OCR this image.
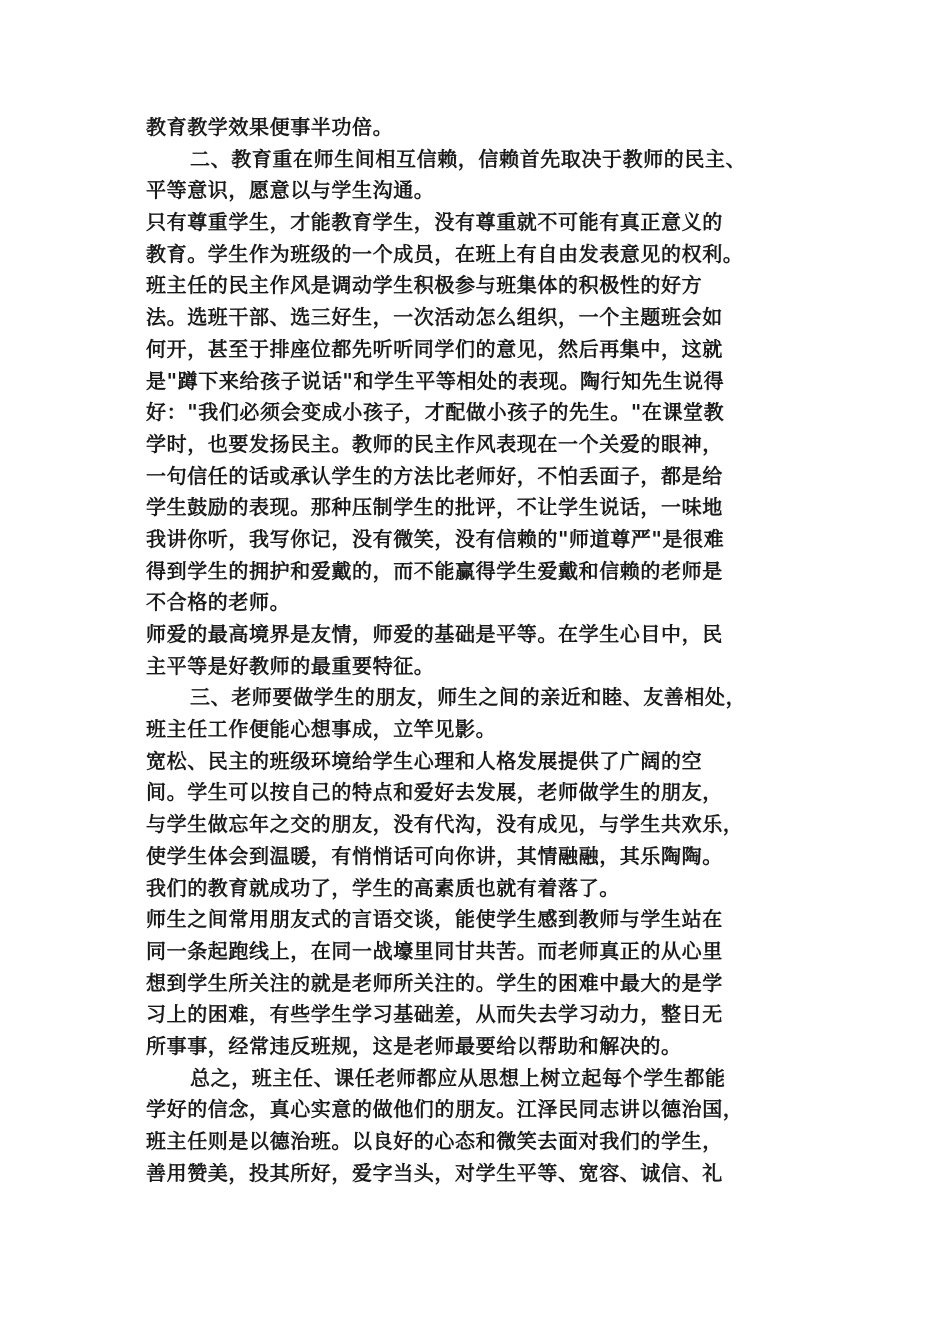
教育教学效果便事半功倍。
二、教育重在师生间相互信赖，信赖首先取决于教师的民主、
平等意识，愿意以与学生沟通。
只有尊重学生，才能教育学生，没有尊重就不可能有真正意义的
教育。学生作为班级的一个成员，在班上有自由发表意见的权利。
班主任的民主作风是调动学生积极参与班集体的积极性的好方
法。选班干部、选三好生，一次活动怎么组织，一个主题班会如
何开，甚至于排座位都先听听同学们的意见，然后再集中，这就
是"蹲下来给孩子说话"和学生平等相处的表现。陶行知先生说得
好："我们必须会变成小孩子，才配做小孩子的先生。"在课堂教
学时，也要发扬民主。教师的民主作风表现在一个关爱的眼神，
一句信任的话或承认学生的方法比老师好，不怕丢面子，都是给
学生鼓励的表现。那种压制学生的批评，不让学生说话，一味地
我讲你听，我写你记，没有微笑，没有信赖的"师道尊严"是很难
得到学生的拥护和爱戴的，而不能赢得学生爱戴和信赖的老师是
不合格的老师。
师爱的最高境界是友情，师爱的基础是平等。在学生心目中，民
主平等是好教师的最重要特征。
三、老师要做学生的朋友，师生之间的亲近和睦、友善相处，
班主任工作便能心想事成，立竿见影。
宽松、民主的班级环境给学生心理和人格发展提供了广阔的空
间。学生可以按自己的特点和爱好去发展，老师做学生的朋友，
与学生做忘年之交的朋友，没有代沟，没有成见，与学生共欢乐，
使学生体会到温暖，有悄悄话可向你讲，其情融融，其乐陶陶。
我们的教育就成功了，学生的高素质也就有着落了。
师生之间常用朋友式的言语交谈，能使学生感到教师与学生站在
同一条起跑线上，在同一战壕里同甘共苦。而老师真正的从心里
想到学生所关注的就是老师所关注的。学生的困难中最大的是学
习上的困难，有些学生学习基础差，从而失去学习动力，整日无
所事事，经常违反班规，这是老师最要给以帮助和解决的。
总之，班主任、课任老师都应从思想上树立起每个学生都能
学好的信念，真心实意的做他们的朋友。江泽民同志讲以德治国，
班主任则是以德治班。以良好的心态和微笑去面对我们的学生，
善用赞美，投其所好，爱字当头，对学生平等、宽容、诚信、礼
